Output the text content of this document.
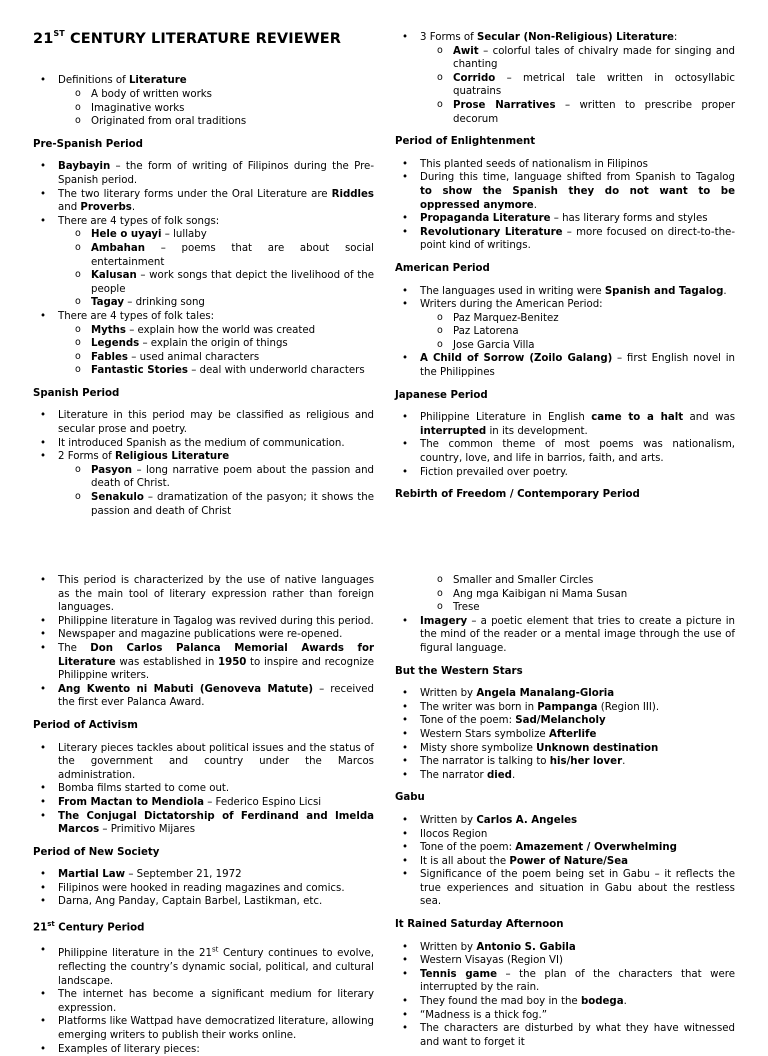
21ST CENTURY LITERATURE REVIEWER
• Definitions of Literature
o A body of written works
o Imaginative works
o Originated from oral traditions
Pre-Spanish Period
• Baybayin – the form of writing of Filipinos during the Pre-Spanish period.
• The two literary forms under the Oral Literature are Riddles and Proverbs.
• There are 4 types of folk songs:
o Hele o uyayi – lullaby
o Ambahan – poems that are about social entertainment
o Kalusan – work songs that depict the livelihood of the people
o Tagay – drinking song
• There are 4 types of folk tales:
o Myths – explain how the world was created
o Legends – explain the origin of things
o Fables – used animal characters
o Fantastic Stories – deal with underworld characters
Spanish Period
• Literature in this period may be classified as religious and secular prose and poetry.
• It introduced Spanish as the medium of communication.
• 2 Forms of Religious Literature
o Pasyon – long narrative poem about the passion and death of Christ.
o Senakulo – dramatization of the pasyon; it shows the passion and death of Christ
• 3 Forms of Secular (Non-Religious) Literature:
o Awit – colorful tales of chivalry made for singing and chanting
o Corrido – metrical tale written in octosyllabic quatrains
o Prose Narratives – written to prescribe proper decorum
Period of Enlightenment
• This planted seeds of nationalism in Filipinos
• During this time, language shifted from Spanish to Tagalog to show the Spanish they do not want to be oppressed anymore.
• Propaganda Literature – has literary forms and styles
• Revolutionary Literature – more focused on direct-to-the-point kind of writings.
American Period
• The languages used in writing were Spanish and Tagalog.
• Writers during the American Period:
o Paz Marquez-Benitez
o Paz Latorena
o Jose Garcia Villa
• A Child of Sorrow (Zoilo Galang) – first English novel in the Philippines
Japanese Period
• Philippine Literature in English came to a halt and was interrupted in its development.
• The common theme of most poems was nationalism, country, love, and life in barrios, faith, and arts.
• Fiction prevailed over poetry.
Rebirth of Freedom / Contemporary Period
• This period is characterized by the use of native languages as the main tool of literary expression rather than foreign languages.
• Philippine literature in Tagalog was revived during this period.
• Newspaper and magazine publications were re-opened.
• The Don Carlos Palanca Memorial Awards for Literature was established in 1950 to inspire and recognize Philippine writers.
• Ang Kwento ni Mabuti (Genoveva Matute) – received the first ever Palanca Award.
Period of Activism
• Literary pieces tackles about political issues and the status of the government and country under the Marcos administration.
• Bomba films started to come out.
• From Mactan to Mendiola – Federico Espino Licsi
• The Conjugal Dictatorship of Ferdinand and Imelda Marcos – Primitivo Mijares
Period of New Society
• Martial Law – September 21, 1972
• Filipinos were hooked in reading magazines and comics.
• Darna, Ang Panday, Captain Barbel, Lastikman, etc.
21st Century Period
• Philippine literature in the 21st Century continues to evolve, reflecting the country’s dynamic social, political, and cultural landscape.
• The internet has become a significant medium for literary expression.
• Platforms like Wattpad have democratized literature, allowing emerging writers to publish their works online.
• Examples of literary pieces:
o Smaller and Smaller Circles
o Ang mga Kaibigan ni Mama Susan
o Trese
• Imagery – a poetic element that tries to create a picture in the mind of the reader or a mental image through the use of figural language.
But the Western Stars
• Written by Angela Manalang-Gloria
• The writer was born in Pampanga (Region III).
• Tone of the poem: Sad/Melancholy
• Western Stars symbolize Afterlife
• Misty shore symbolize Unknown destination
• The narrator is talking to his/her lover.
• The narrator died.
Gabu
• Written by Carlos A. Angeles
• Ilocos Region
• Tone of the poem: Amazement / Overwhelming
• It is all about the Power of Nature/Sea
• Significance of the poem being set in Gabu – it reflects the true experiences and situation in Gabu about the restless sea.
It Rained Saturday Afternoon
• Written by Antonio S. Gabila
• Western Visayas (Region VI)
• Tennis game – the plan of the characters that were interrupted by the rain.
• They found the mad boy in the bodega.
• “Madness is a thick fog.”
• The characters are disturbed by what they have witnessed and want to forget it
